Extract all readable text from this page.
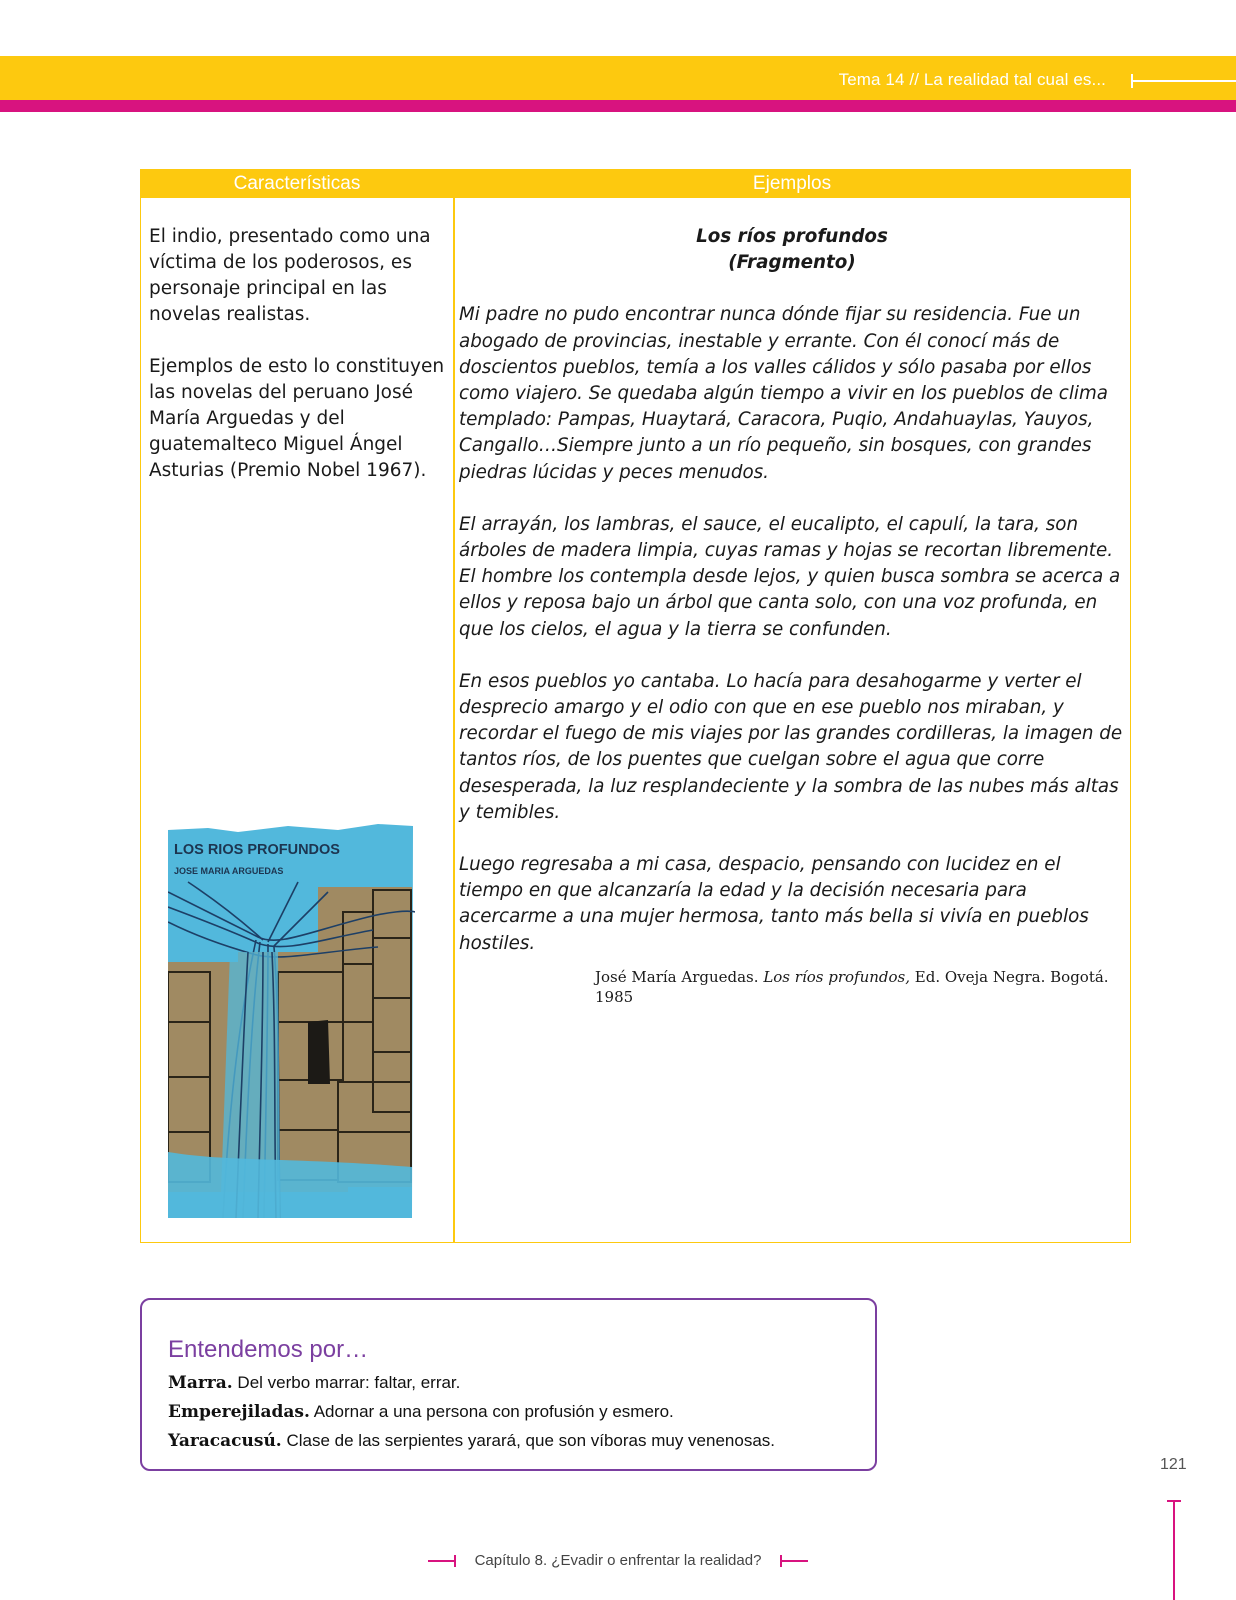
Tema 14 // La realidad tal cual es...
Características	Ejemplos

El indio, presentado como una víctima de los poderosos, es personaje principal en las novelas realistas.

Ejemplos de esto lo constituyen las novelas del peruano José María Arguedas y del guatemalteco Miguel Ángel Asturias (Premio Nobel 1967).

LOS RIOS PROFUNDOS
JOSE MARIA ARGUEDAS

Los ríos profundos

(Fragmento)

Mi padre no pudo encontrar nunca dónde fijar su residencia. Fue un abogado de provincias, inestable y errante. Con él conocí más de doscientos pueblos, temía a los valles cálidos y sólo pasaba por ellos como viajero. Se quedaba algún tiempo a vivir en los pueblos de clima templado: Pampas, Huaytará, Caracora, Puqio, Andahuaylas, Yauyos, Cangallo…Siempre junto a un río pequeño, sin bosques, con grandes piedras lúcidas y peces menudos.

El arrayán, los lambras, el sauce, el eucalipto, el capulí, la tara, son árboles de madera limpia, cuyas ramas y hojas se recortan libremente. El hombre los contempla desde lejos, y quien busca sombra se acerca a ellos y reposa bajo un árbol que canta solo, con una voz profunda, en que los cielos, el agua y la tierra se confunden.

En esos pueblos yo cantaba. Lo hacía para desahogarme y verter el desprecio amargo y el odio con que en ese pueblo nos miraban, y recordar el fuego de mis viajes por las grandes cordilleras, la imagen de tantos ríos, de los puentes que cuelgan sobre el agua que corre desesperada, la luz resplandeciente y la sombra de las nubes más altas y temibles.

Luego regresaba a mi casa, despacio, pensando con lucidez en el tiempo en que alcanzaría la edad y la decisión necesaria para acercarme a una mujer hermosa, tanto más bella si vivía en pueblos hostiles.

José María Arguedas. Los ríos profundos, Ed. Oveja Negra. Bogotá. 1985
Entendemos por…
Marra. Del verbo marrar: faltar, errar.
Emperejiladas. Adornar a una persona con profusión y esmero.
Yaracacusú. Clase de las serpientes yarará, que son víboras muy venenosas.
121
Capítulo 8. ¿Evadir o enfrentar la realidad?
